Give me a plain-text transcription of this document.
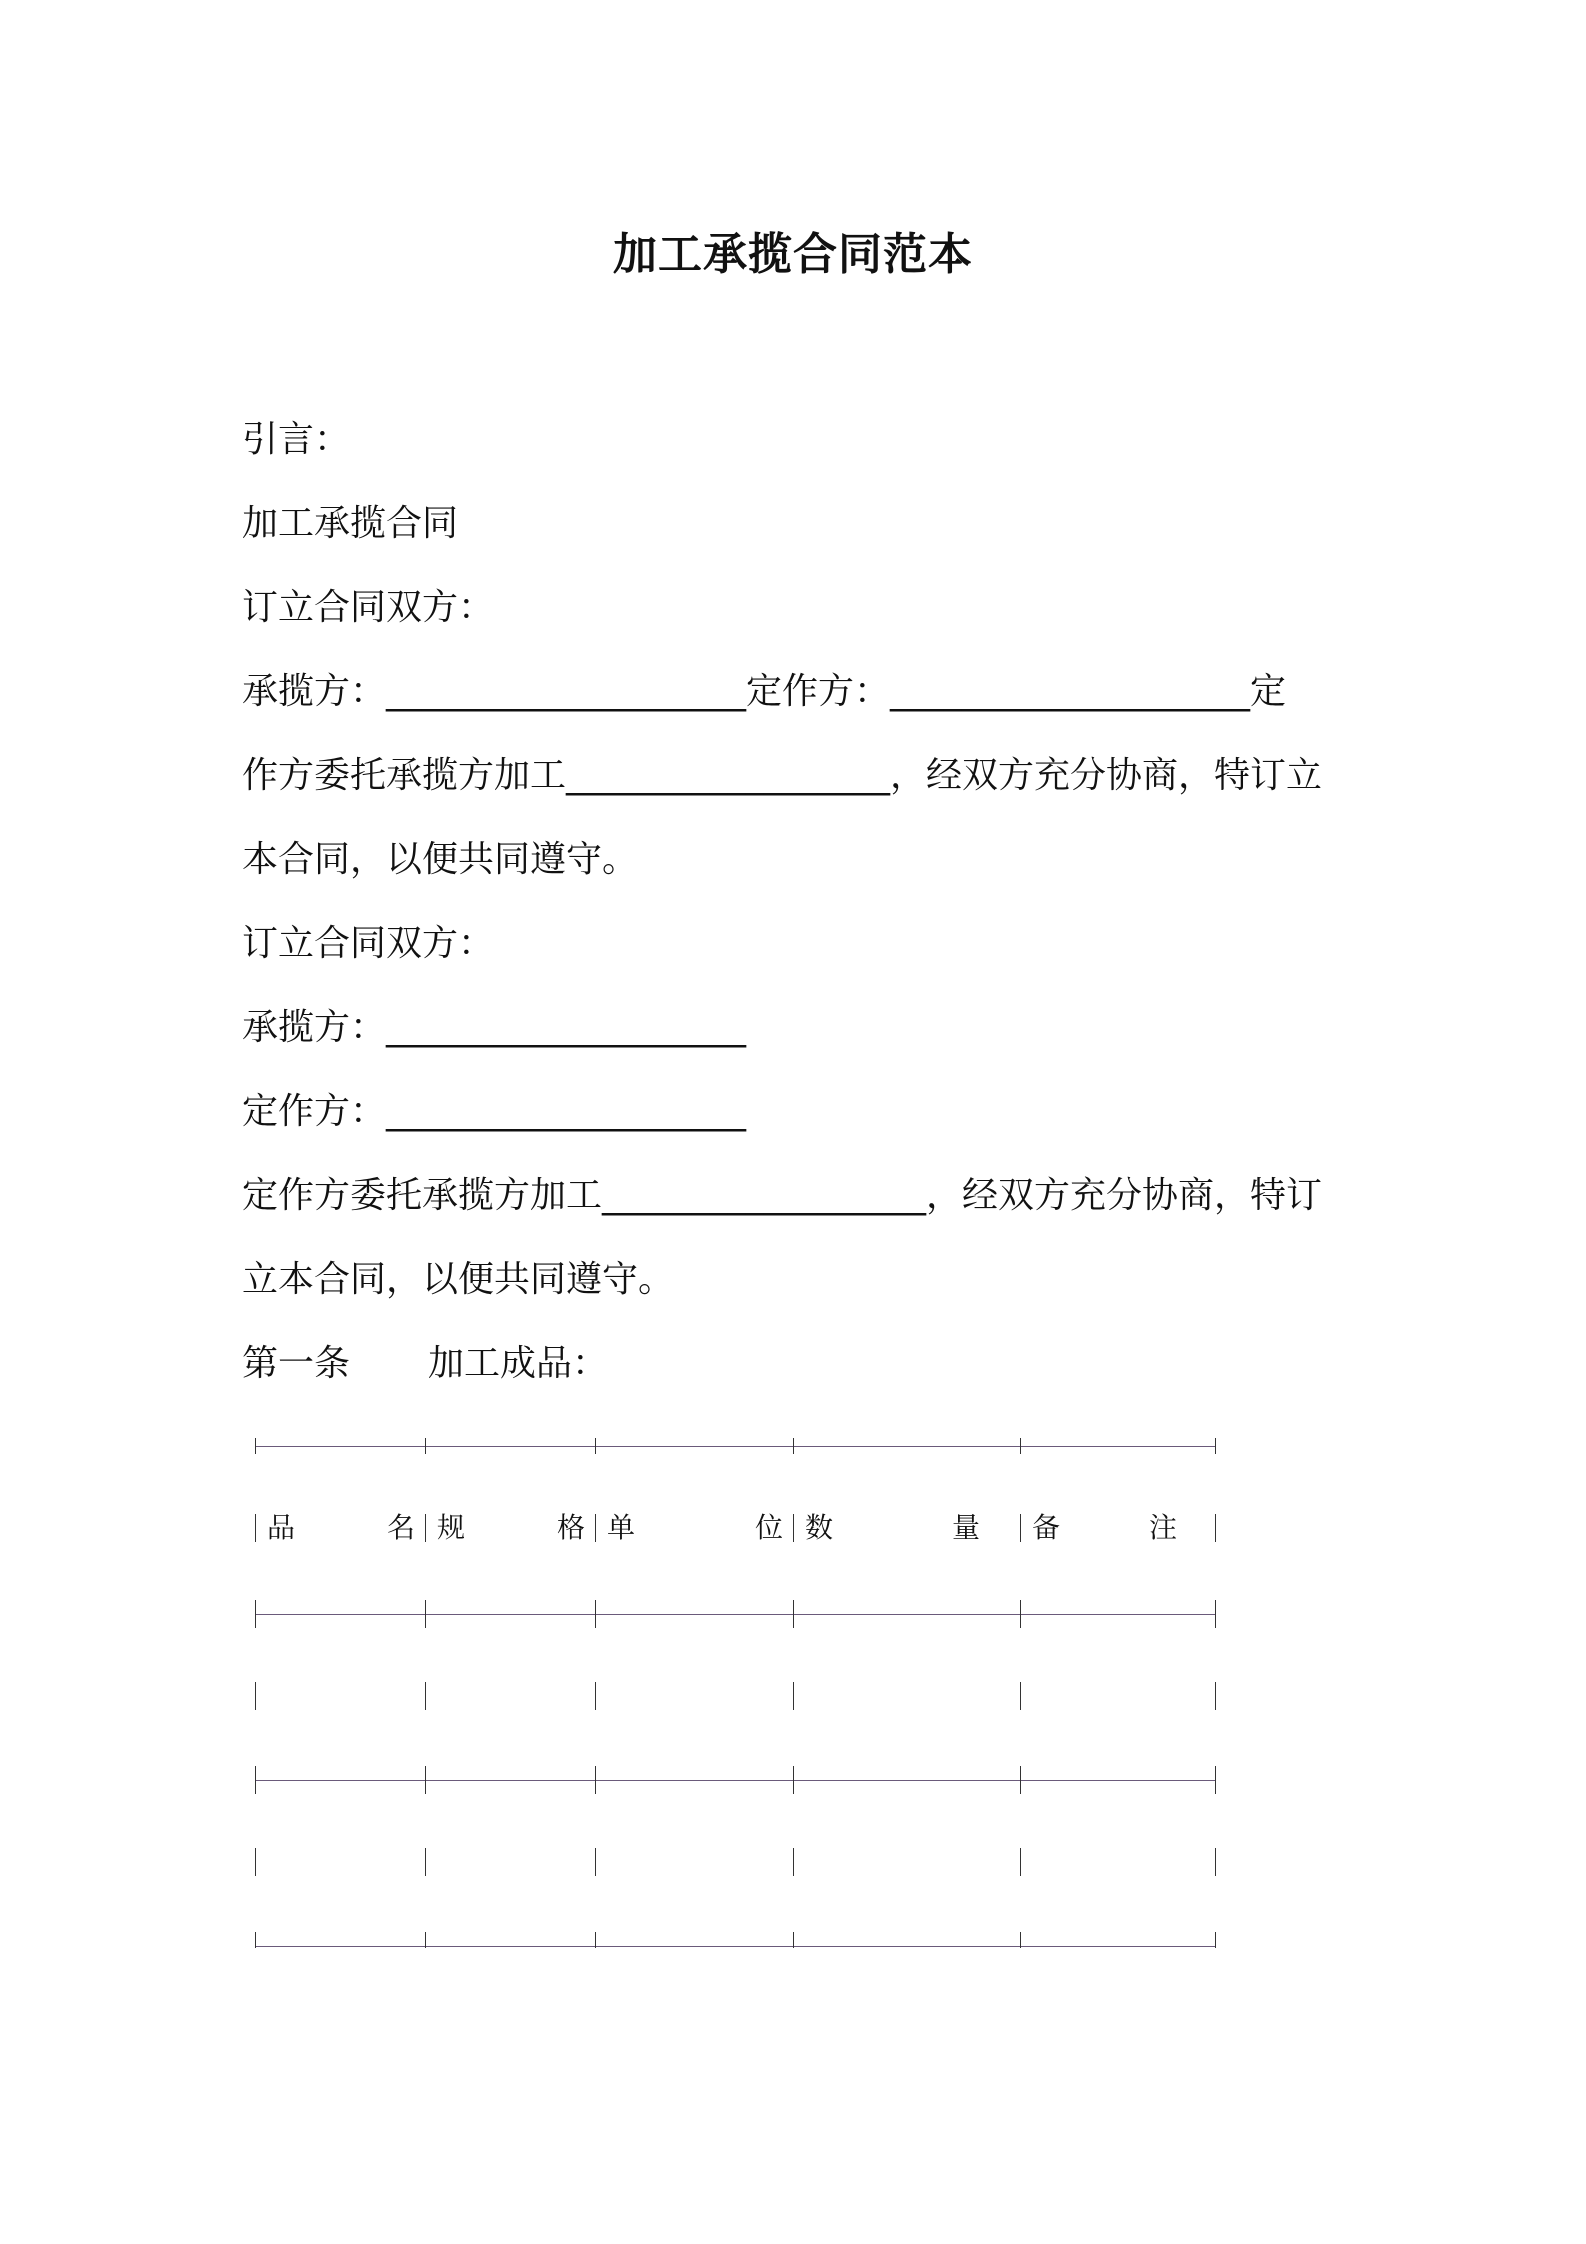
加工承揽合同范本
引言：
加工承揽合同
订立合同双方：
承揽方：____________________定作方：____________________定
作方委托承揽方加工__________________，经双方充分协商，特订立
本合同，以便共同遵守。
订立合同双方：
承揽方：____________________
定作方：____________________
定作方委托承揽方加工__________________，经双方充分协商，特订
立本合同，以便共同遵守。
第一条 加工成品：
品	名 规	格 单	位 数	量 备	注
